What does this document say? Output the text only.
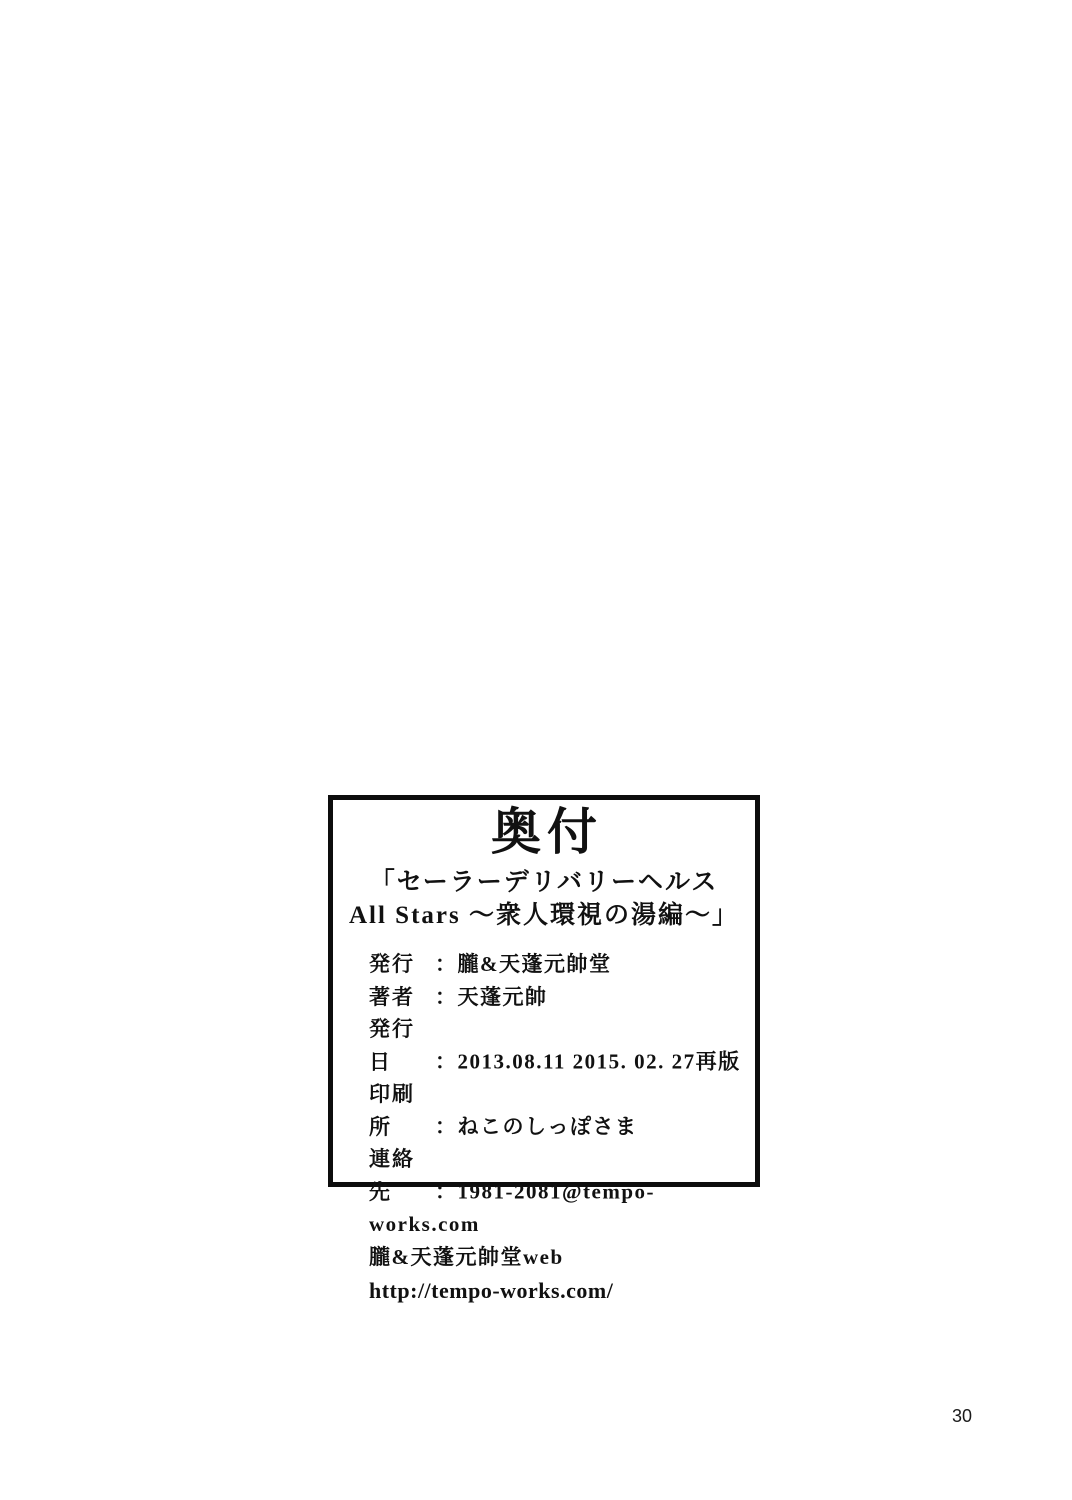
奥付
「セーラーデリバリーヘルス
All Stars ～衆人環視の湯編～」
発行 ：朧&天蓬元帥堂
著者 ：天蓬元帥
発行日 ：2013.08.11 2015. 02. 27再版
印刷所 ：ねこのしっぽさま
連絡先 ：1981-2081@tempo-works.com
朧&天蓬元帥堂web
http://tempo-works.com/
30
